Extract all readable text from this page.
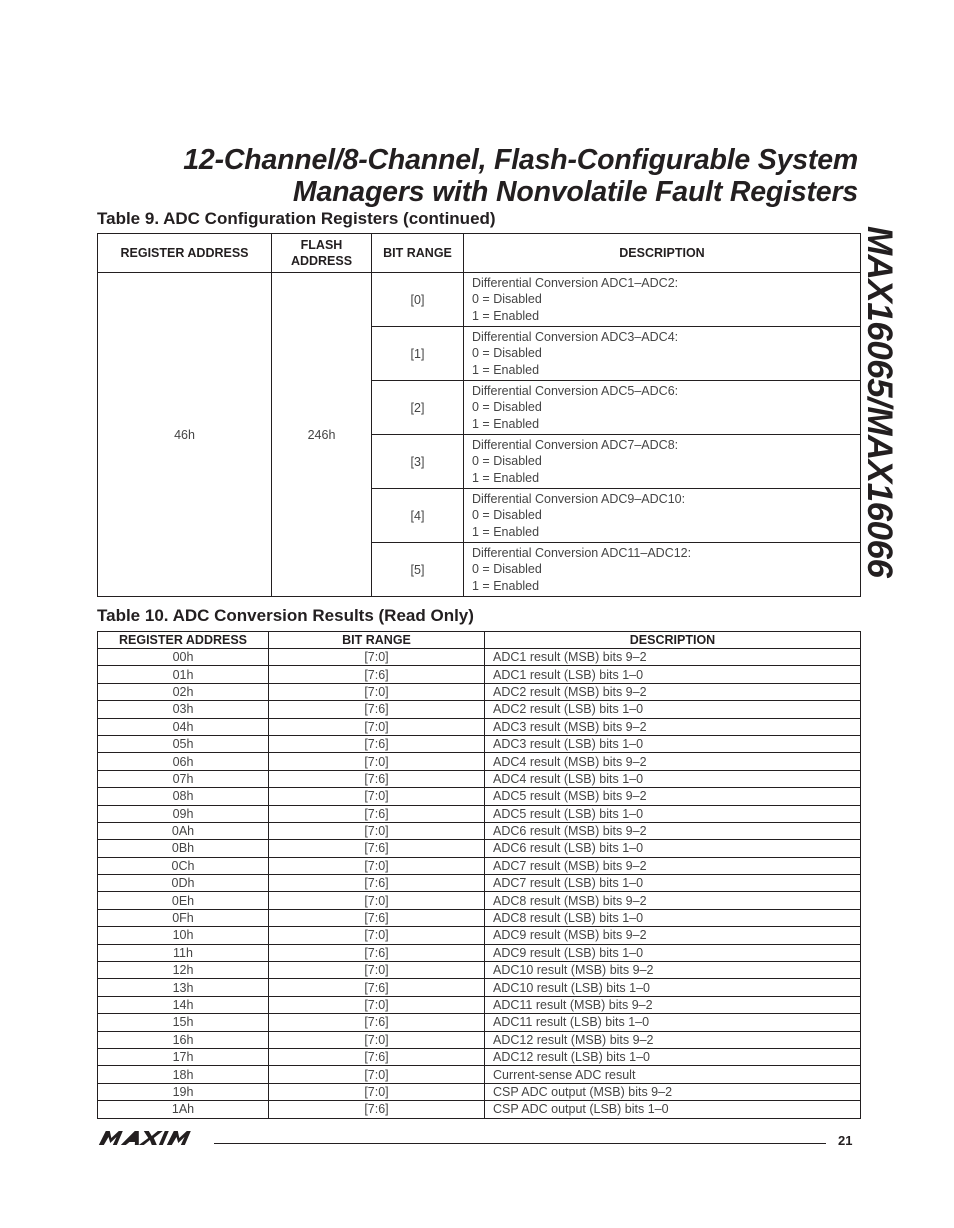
12-Channel/8-Channel, Flash-Configurable System
Managers with Nonvolatile Fault Registers
MAX16065/MAX16066
Table 9. ADC Configuration Registers (continued)
REGISTER ADDRESS	FLASH ADDRESS	BIT RANGE	DESCRIPTION
46h	246h	[0]	Differential Conversion ADC1–ADC2:
0 = Disabled
1 = Enabled
		[1]	Differential Conversion ADC3–ADC4:
0 = Disabled
1 = Enabled
		[2]	Differential Conversion ADC5–ADC6:
0 = Disabled
1 = Enabled
		[3]	Differential Conversion ADC7–ADC8:
0 = Disabled
1 = Enabled
		[4]	Differential Conversion ADC9–ADC10:
0 = Disabled
1 = Enabled
		[5]	Differential Conversion ADC11–ADC12:
0 = Disabled
1 = Enabled
Table 10. ADC Conversion Results (Read Only)
REGISTER ADDRESS	BIT RANGE	DESCRIPTION
00h	[7:0]	ADC1 result (MSB) bits 9–2
01h	[7:6]	ADC1 result (LSB) bits 1–0
02h	[7:0]	ADC2 result (MSB) bits 9–2
03h	[7:6]	ADC2 result (LSB) bits 1–0
04h	[7:0]	ADC3 result (MSB) bits 9–2
05h	[7:6]	ADC3 result (LSB) bits 1–0
06h	[7:0]	ADC4 result (MSB) bits 9–2
07h	[7:6]	ADC4 result (LSB) bits 1–0
08h	[7:0]	ADC5 result (MSB) bits 9–2
09h	[7:6]	ADC5 result (LSB) bits 1–0
0Ah	[7:0]	ADC6 result (MSB) bits 9–2
0Bh	[7:6]	ADC6 result (LSB) bits 1–0
0Ch	[7:0]	ADC7 result (MSB) bits 9–2
0Dh	[7:6]	ADC7 result (LSB) bits 1–0
0Eh	[7:0]	ADC8 result (MSB) bits 9–2
0Fh	[7:6]	ADC8 result (LSB) bits 1–0
10h	[7:0]	ADC9 result (MSB) bits 9–2
11h	[7:6]	ADC9 result (LSB) bits 1–0
12h	[7:0]	ADC10 result (MSB) bits 9–2
13h	[7:6]	ADC10 result (LSB) bits 1–0
14h	[7:0]	ADC11 result (MSB) bits 9–2
15h	[7:6]	ADC11 result (LSB) bits 1–0
16h	[7:0]	ADC12 result (MSB) bits 9–2
17h	[7:6]	ADC12 result (LSB) bits 1–0
18h	[7:0]	Current-sense ADC result
19h	[7:0]	CSP ADC output (MSB) bits 9–2
1Ah	[7:6]	CSP ADC output (LSB) bits 1–0
21
